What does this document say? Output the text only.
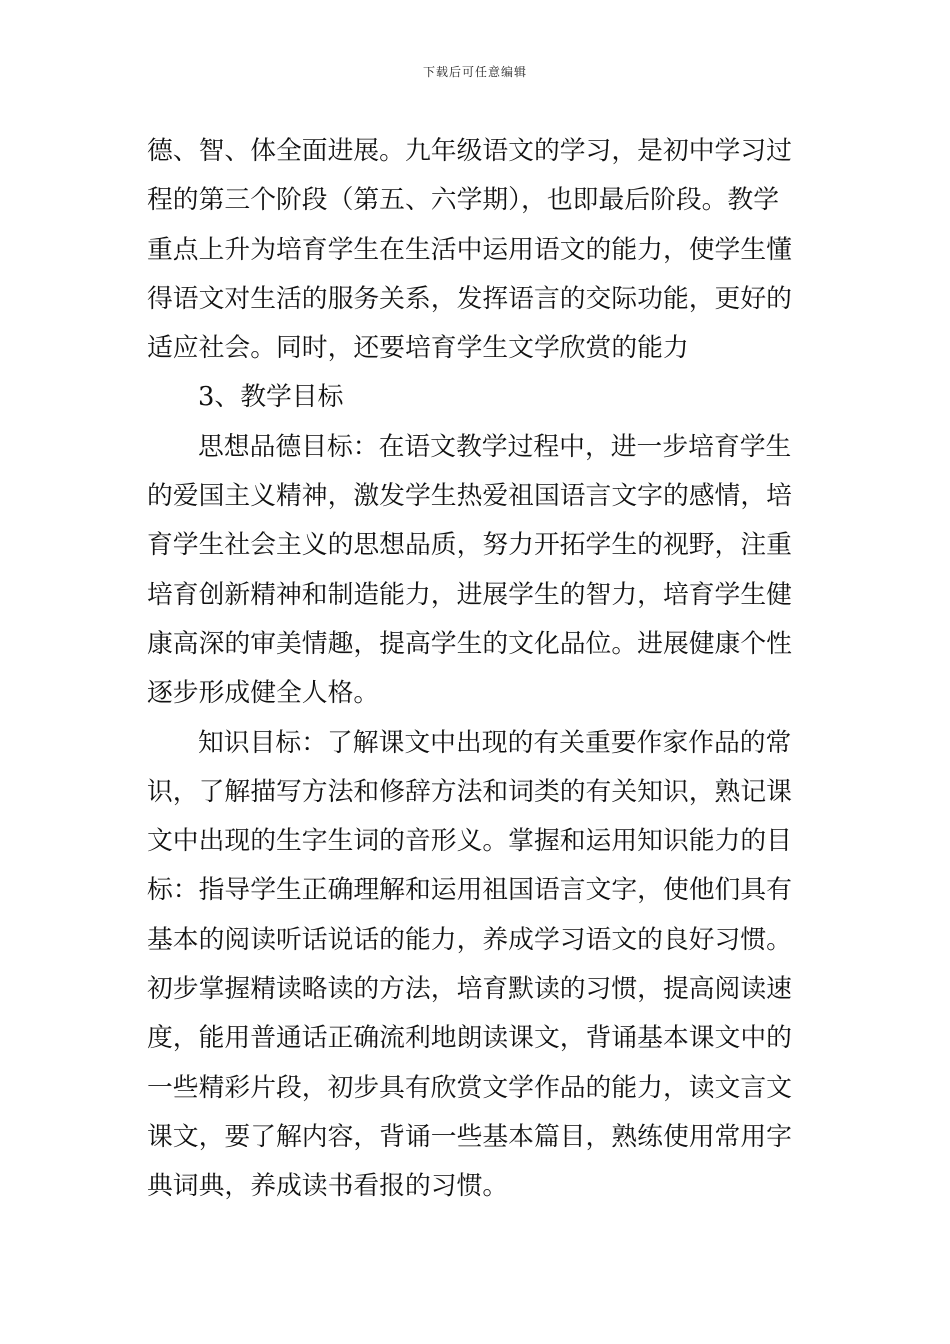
下载后可任意编辑
德、智、体全面进展。九年级语文的学习，是初中学习过
程的第三个阶段（第五、六学期），也即最后阶段。教学
重点上升为培育学生在生活中运用语文的能力，使学生懂
得语文对生活的服务关系，发挥语言的交际功能，更好的
适应社会。同时，还要培育学生文学欣赏的能力
3、教学目标
思想品德目标：在语文教学过程中，进一步培育学生
的爱国主义精神，激发学生热爱祖国语言文字的感情，培
育学生社会主义的思想品质，努力开拓学生的视野，注重
培育创新精神和制造能力，进展学生的智力，培育学生健
康高深的审美情趣，提高学生的文化品位。进展健康个性
逐步形成健全人格。
知识目标：了解课文中出现的有关重要作家作品的常
识，了解描写方法和修辞方法和词类的有关知识，熟记课
文中出现的生字生词的音形义。掌握和运用知识能力的目
标：指导学生正确理解和运用祖国语言文字，使他们具有
基本的阅读听话说话的能力，养成学习语文的良好习惯。
初步掌握精读略读的方法，培育默读的习惯，提高阅读速
度，能用普通话正确流利地朗读课文，背诵基本课文中的
一些精彩片段，初步具有欣赏文学作品的能力，读文言文
课文，要了解内容，背诵一些基本篇目，熟练使用常用字
典词典，养成读书看报的习惯。
